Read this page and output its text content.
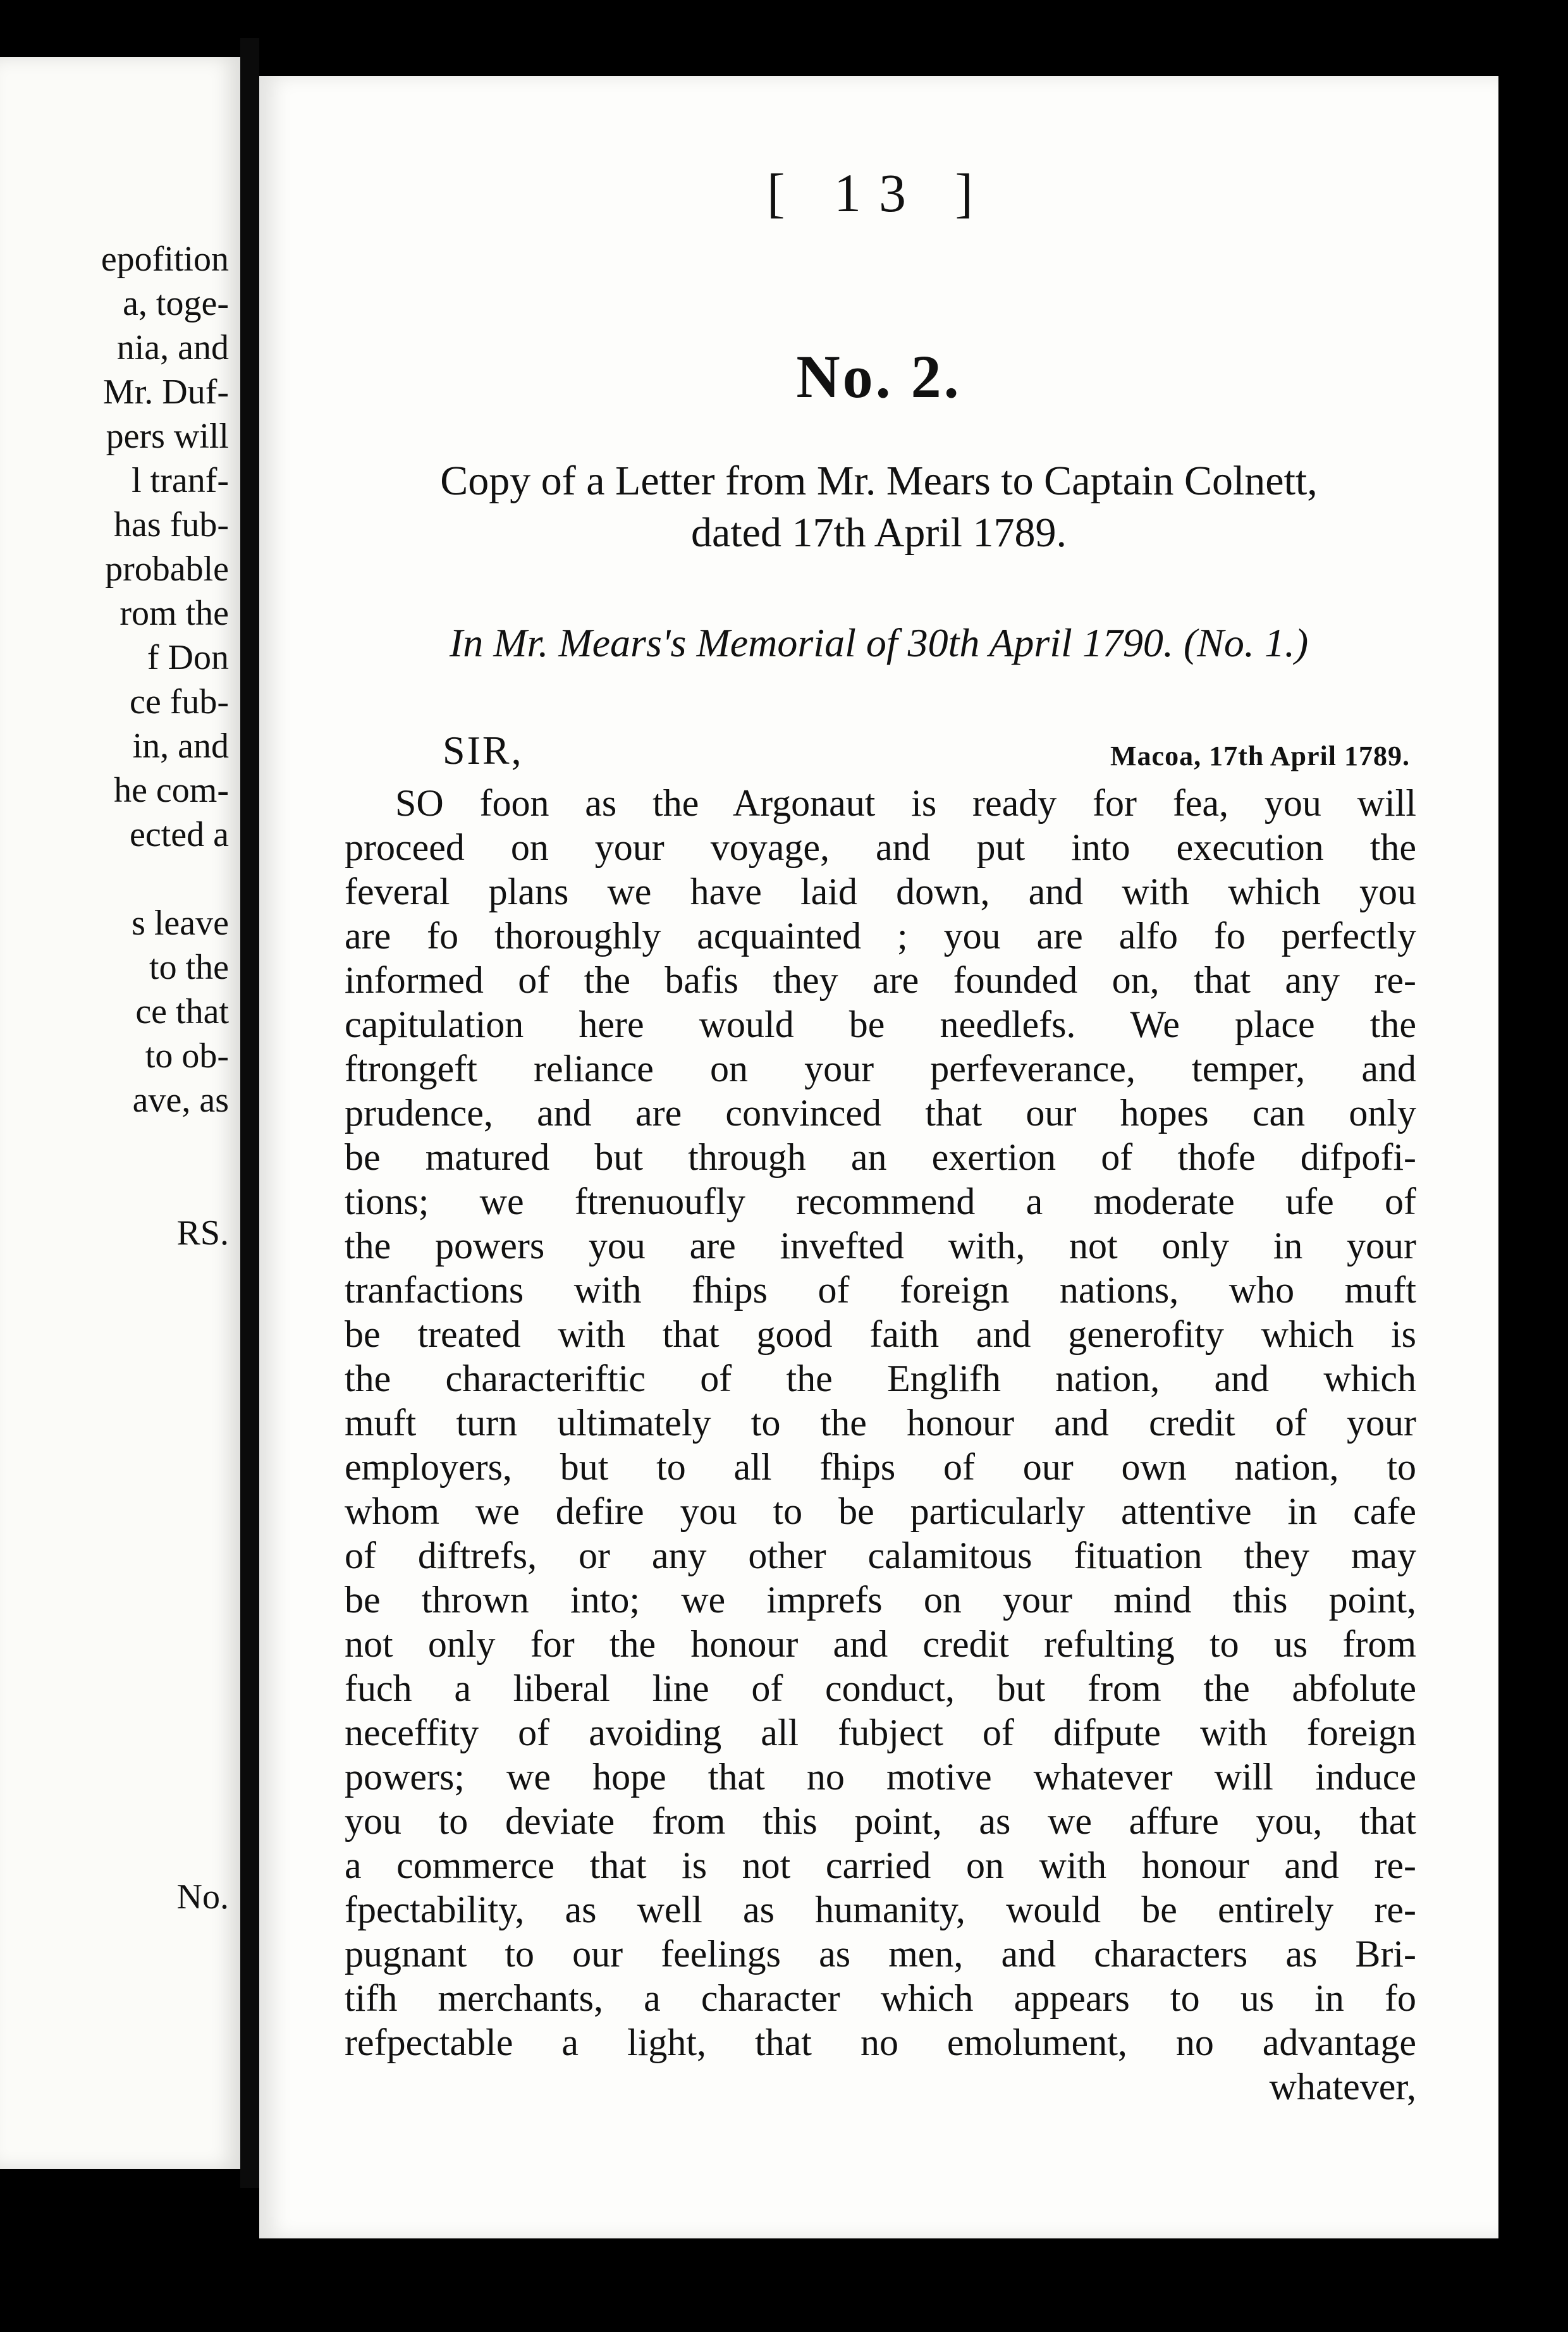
epofition
a, toge-
nia, and
Mr. Duf-
pers will
l tranf-
has fub-
probable
rom the
f Don
ce fub-
in, and
he com-
ected a
s leave
to the
ce that
to ob-
ave, as
RS.
No.
[ 13 ]
No. 2.
Copy of a Letter from Mr. Mears to Captain Colnett,
dated 17th April 1789.
In Mr. Mears's Memorial of 30th April 1790. (No. 1.)
SIR,	Macoa, 17th April 1789.
SO foon as the Argonaut is ready for fea, you will
proceed on your voyage, and put into execution the
feveral plans we have laid down, and with which you
are fo thoroughly acquainted ; you are alfo fo perfectly
informed of the bafis they are founded on, that any re-
capitulation here would be needlefs. We place the
ftrongeft reliance on your perfeverance, temper, and
prudence, and are convinced that our hopes can only
be matured but through an exertion of thofe difpofi-
tions; we ftrenuoufly recommend a moderate ufe of
the powers you are invefted with, not only in your
tranfactions with fhips of foreign nations, who muft
be treated with that good faith and generofity which is
the characteriftic of the Englifh nation, and which
muft turn ultimately to the honour and credit of your
employers, but to all fhips of our own nation, to
whom we defire you to be particularly attentive in cafe
of diftrefs, or any other calamitous fituation they may
be thrown into; we imprefs on your mind this point,
not only for the honour and credit refulting to us from
fuch a liberal line of conduct, but from the abfolute
neceffity of avoiding all fubject of difpute with foreign
powers; we hope that no motive whatever will induce
you to deviate from this point, as we affure you, that
a commerce that is not carried on with honour and re-
fpectability, as well as humanity, would be entirely re-
pugnant to our feelings as men, and characters as Bri-
tifh merchants, a character which appears to us in fo
refpectable a light, that no emolument, no advantage
whatever,
